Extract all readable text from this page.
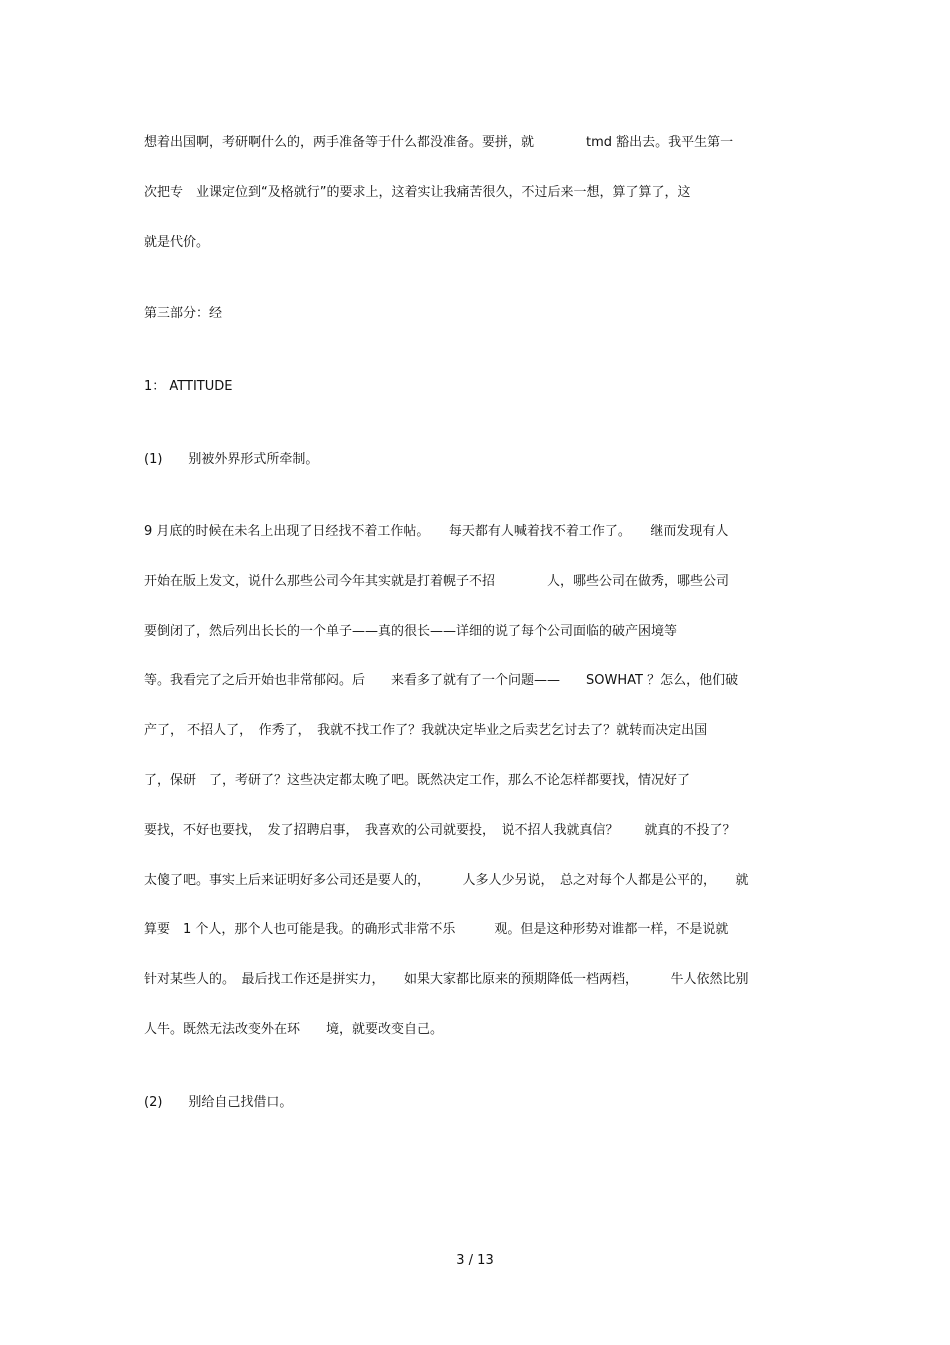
想着出国啊，考研啊什么的，两手准备等于什么都没准备。要拼，就　　　　tmd 豁出去。我平生第一

次把专　业课定位到“及格就行”的要求上，这着实让我痛苦很久，不过后来一想，算了算了，这

就是代价。

第三部分：经

1： ATTITUDE

(1)　　别被外界形式所牵制。

9 月底的时候在未名上出现了日经找不着工作帖。　　每天都有人喊着找不着工作了。　　继而发现有人

开始在版上发文，说什么那些公司今年其实就是打着幌子不招　　　　人，哪些公司在做秀，哪些公司

要倒闭了，然后列出长长的一个单子——真的很长——详细的说了每个公司面临的破产困境等

等。我看完了之后开始也非常郁闷。后　　来看多了就有了一个问题——　　SOWHAT ？怎么，他们破

产了， 不招人了，　作秀了，　我就不找工作了？我就决定毕业之后卖艺乞讨去了？就转而决定出国

了，保研　了，考研了？这些决定都太晚了吧。既然决定工作，那么不论怎样都要找，情况好了

要找，不好也要找，　发了招聘启事，　我喜欢的公司就要投，　说不招人我就真信？　　就真的不投了？

太傻了吧。事实上后来证明好多公司还是要人的，　　　人多人少另说，　总之对每个人都是公平的，　　就

算要　1 个人，那个人也可能是我。的确形式非常不乐　　　观。但是这种形势对谁都一样，不是说就

针对某些人的。　最后找工作还是拼实力，　　如果大家都比原来的预期降低一档两档，　　　牛人依然比别

人牛。既然无法改变外在环　　境，就要改变自己。

(2)　　别给自己找借口。

3 / 13
